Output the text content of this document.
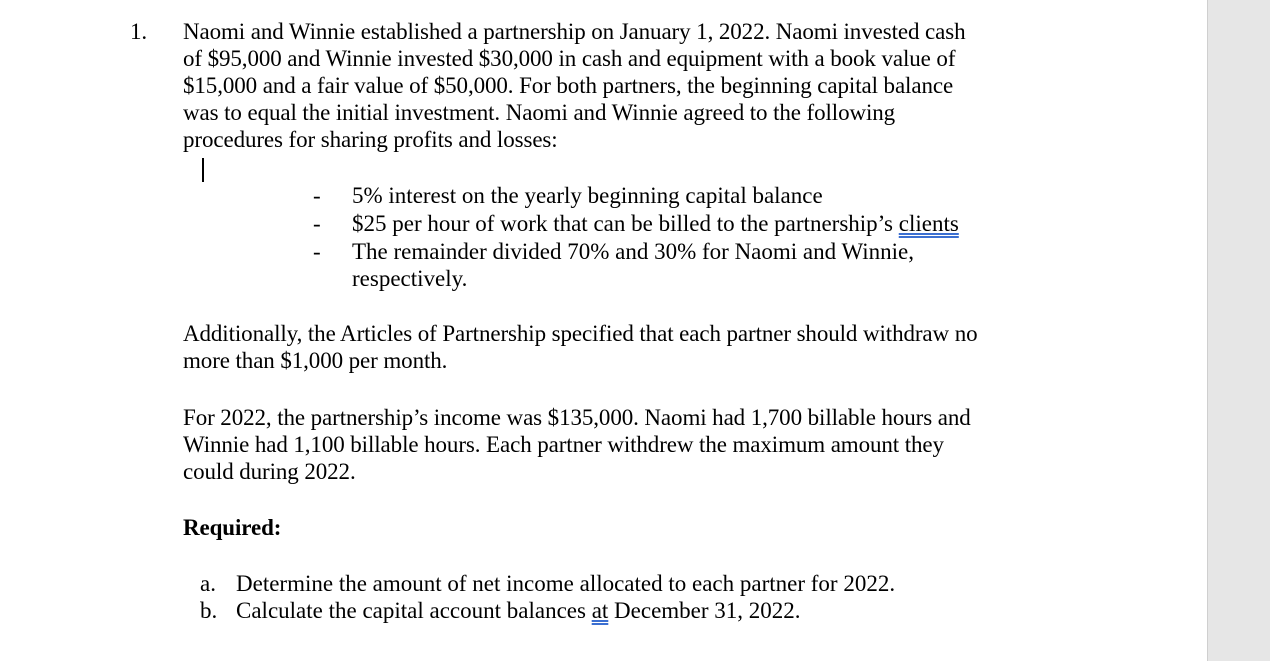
1. Naomi and Winnie established a partnership on January 1, 2022. Naomi invested cash
of $95,000 and Winnie invested $30,000 in cash and equipment with a book value of
$15,000 and a fair value of $50,000. For both partners, the beginning capital balance
was to equal the initial investment. Naomi and Winnie agreed to the following
procedures for sharing profits and losses:
- 5% interest on the yearly beginning capital balance
- $25 per hour of work that can be billed to the partnership’s clients
- The remainder divided 70% and 30% for Naomi and Winnie,
respectively.
Additionally, the Articles of Partnership specified that each partner should withdraw no
more than $1,000 per month.
For 2022, the partnership’s income was $135,000. Naomi had 1,700 billable hours and
Winnie had 1,100 billable hours. Each partner withdrew the maximum amount they
could during 2022.
Required:
a. Determine the amount of net income allocated to each partner for 2022.
b. Calculate the capital account balances at December 31, 2022.
